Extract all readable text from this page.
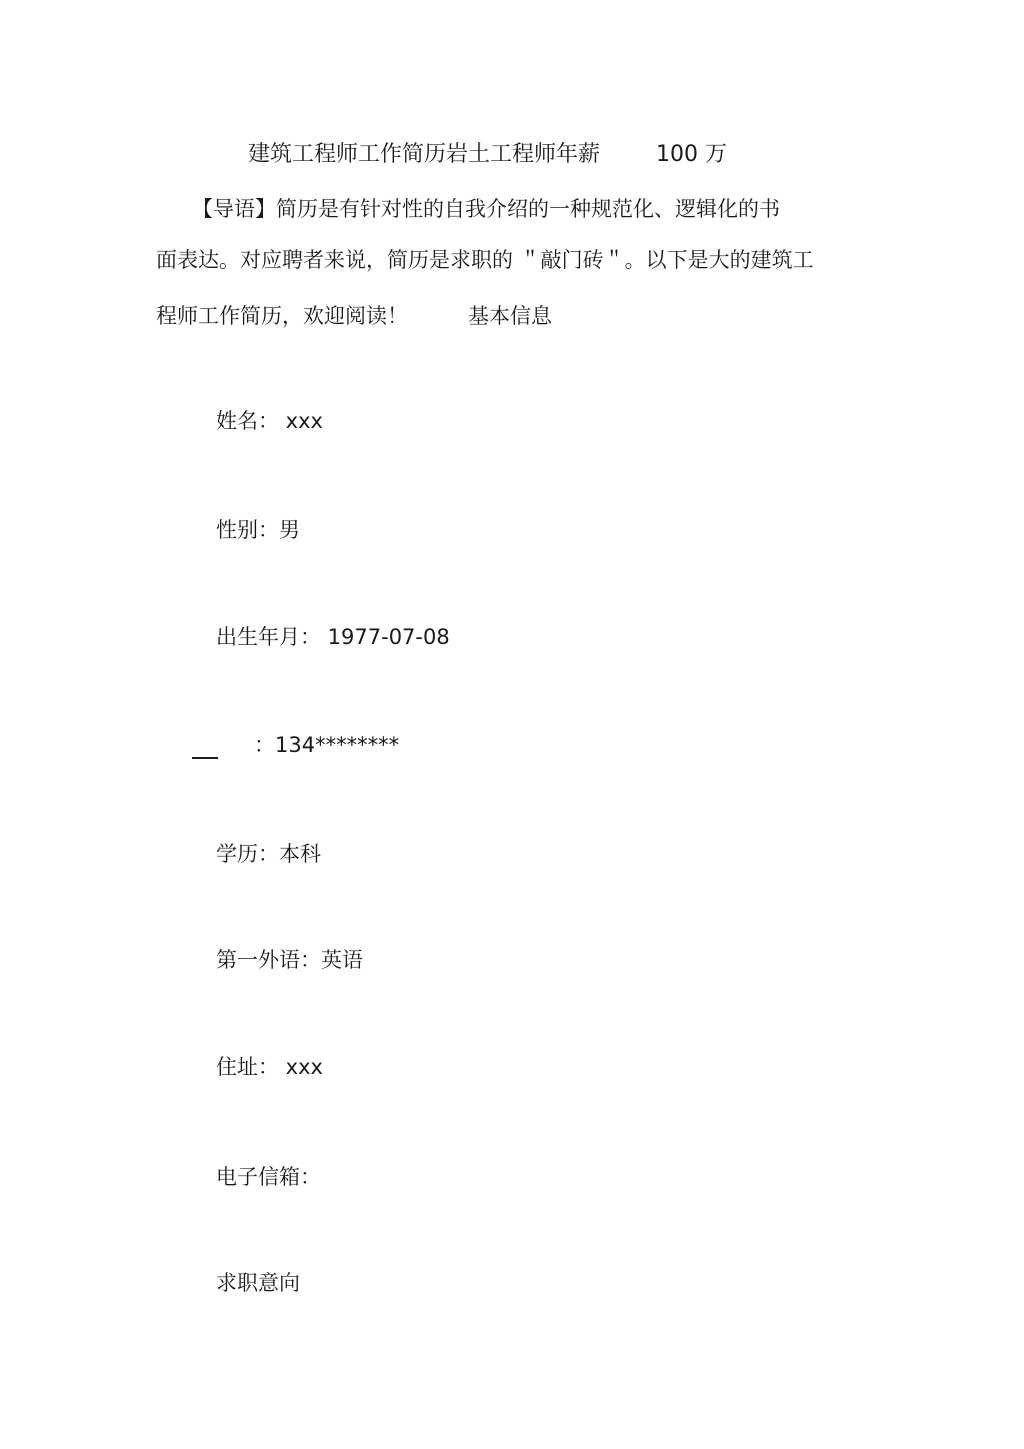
建筑工程师工作简历岩土工程师年薪	100 万
【导语】简历是有针对性的自我介绍的一种规范化、逻辑化的书
面表达。对应聘者来说，简历是求职的 ＂敲门砖＂。以下是大的建筑工
程师工作简历，欢迎阅读！	基本信息
姓名： xxx
性别：男
出生年月： 1977-07-08
：134********
学历：本科
第一外语：英语
住址： xxx
电子信箱：
求职意向
